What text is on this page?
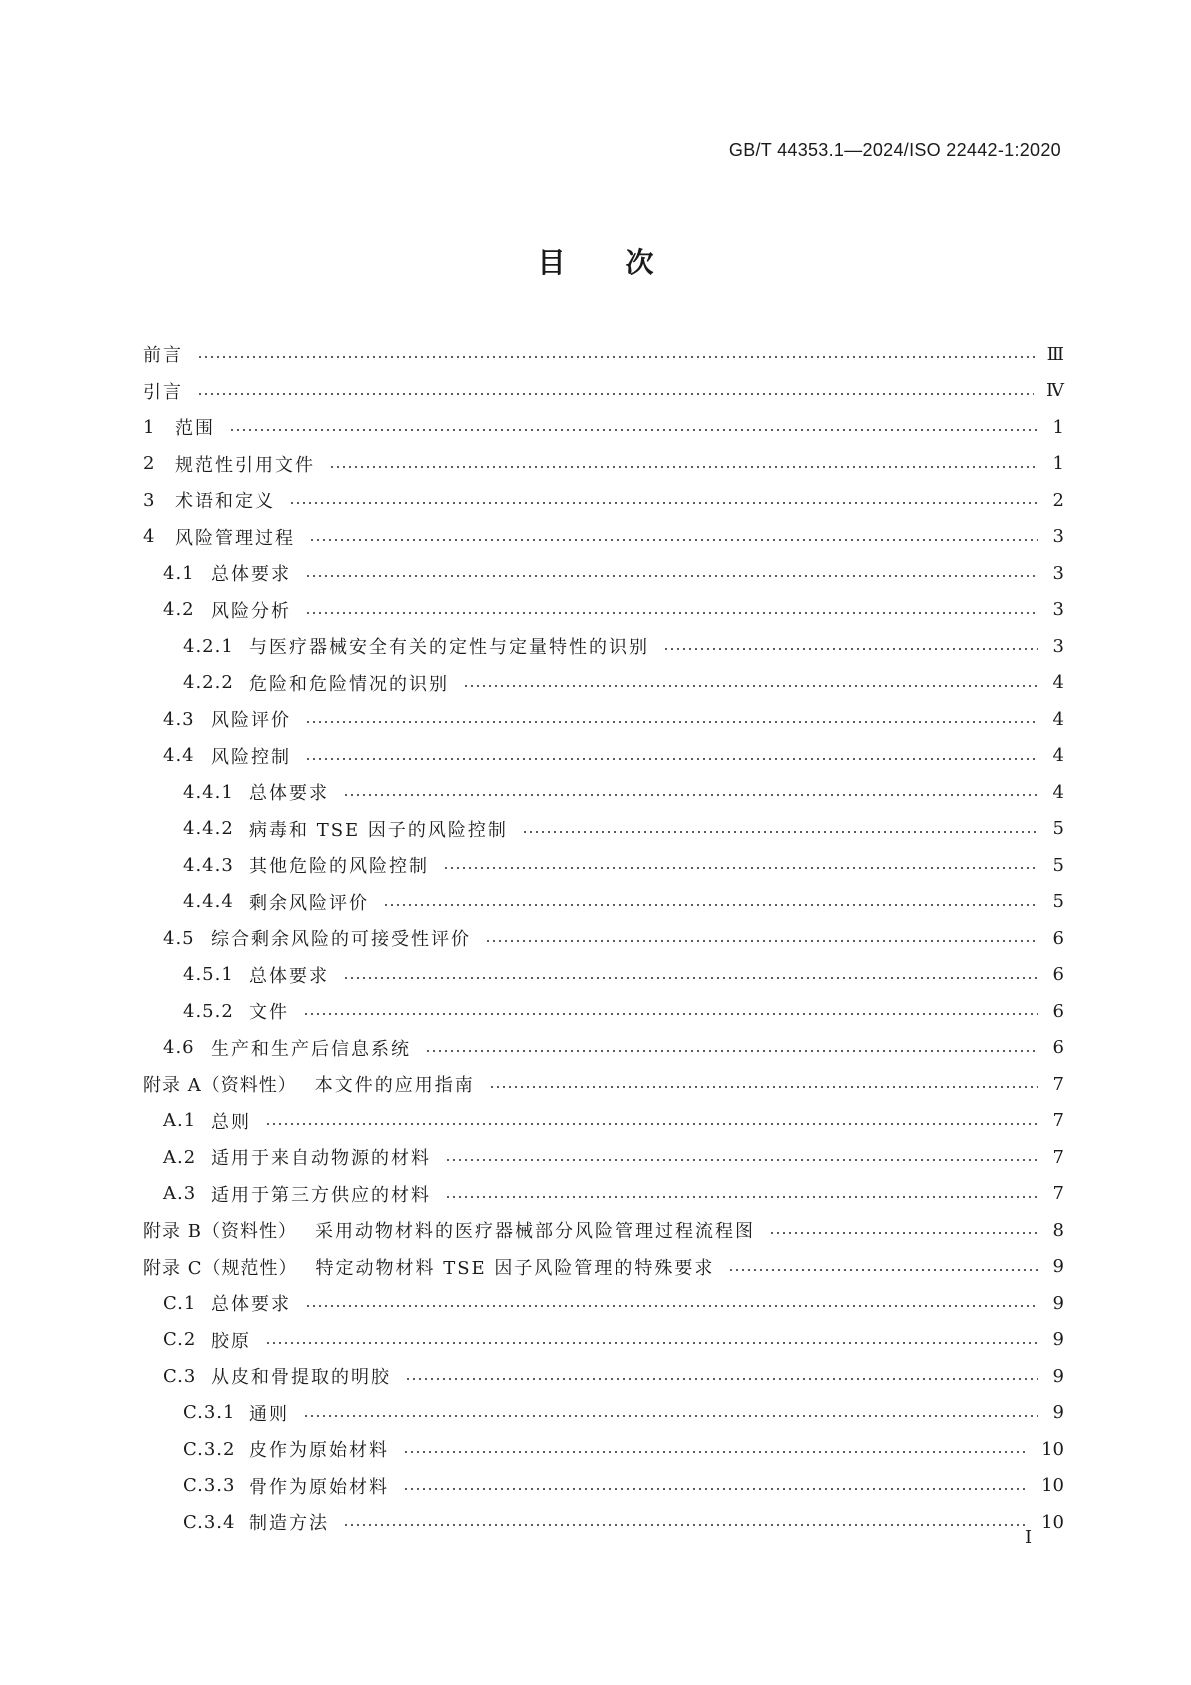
GB/T 44353.1—2024/ISO 22442-1:2020
目 次
前言	Ⅲ
引言	Ⅳ
1	范围	1
2	规范性引用文件	1
3	术语和定义	2
4	风险管理过程	3
4.1 总体要求	3
4.2 风险分析	3
4.2.1 与医疗器械安全有关的定性与定量特性的识别	3
4.2.2 危险和危险情况的识别	4
4.3 风险评价	4
4.4 风险控制	4
4.4.1 总体要求	4
4.4.2 病毒和 TSE 因子的风险控制	5
4.4.3 其他危险的风险控制	5
4.4.4 剩余风险评价	5
4.5 综合剩余风险的可接受性评价	6
4.5.1 总体要求	6
4.5.2 文件	6
4.6 生产和生产后信息系统	6
附录 A（资料性） 本文件的应用指南	7
A.1 总则	7
A.2 适用于来自动物源的材料	7
A.3 适用于第三方供应的材料	7
附录 B（资料性） 采用动物材料的医疗器械部分风险管理过程流程图	8
附录 C（规范性） 特定动物材料 TSE 因子风险管理的特殊要求	9
C.1 总体要求	9
C.2 胶原	9
C.3 从皮和骨提取的明胶	9
C.3.1 通则	9
C.3.2 皮作为原始材料	10
C.3.3 骨作为原始材料	10
C.3.4 制造方法	10
I
